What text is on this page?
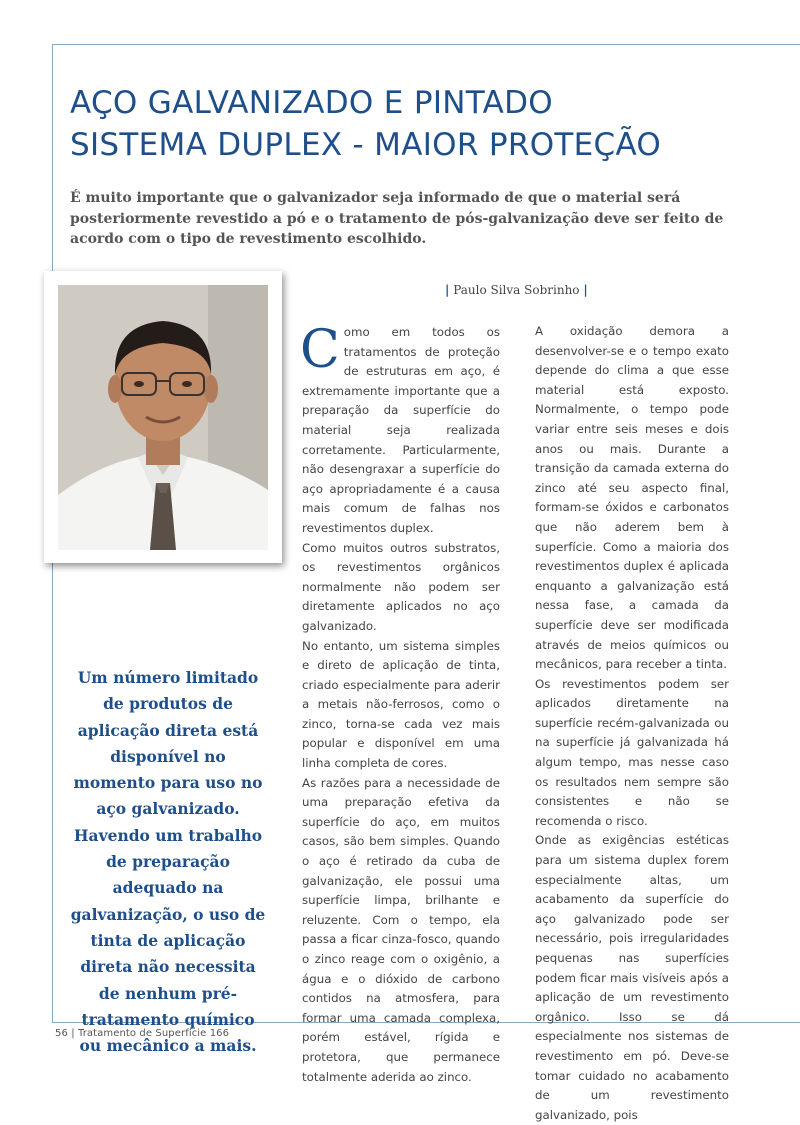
AÇO GALVANIZADO E PINTADO
SISTEMA DUPLEX - MAIOR PROTEÇÃO

É muito importante que o galvanizador seja informado de que o material será posteriormente revestido a pó e o tratamento de pós-galvanização deve ser feito de acordo com o tipo de revestimento escolhido.

| Paulo Silva Sobrinho |

Um número limitado de produtos de aplicação direta está disponível no momento para uso no aço galvanizado. Havendo um trabalho de preparação adequado na galvanização, o uso de tinta de aplicação direta não necessita de nenhum pré-tratamento químico ou mecânico a mais.

Como em todos os tratamentos de proteção de estruturas em aço, é extremamente importante que a preparação da superfície do material seja realizada corretamente. Particularmente, não desengraxar a superfície do aço apropriadamente é a causa mais comum de falhas nos revestimentos duplex.

Como muitos outros substratos, os revestimentos orgânicos normalmente não podem ser diretamente aplicados no aço galvanizado.

No entanto, um sistema simples e direto de aplicação de tinta, criado especialmente para aderir a metais não-ferrosos, como o zinco, torna-se cada vez mais popular e disponível em uma linha completa de cores.

As razões para a necessidade de uma preparação efetiva da superfície do aço, em muitos casos, são bem simples. Quando o aço é retirado da cuba de galvanização, ele possui uma superfície limpa, brilhante e reluzente. Com o tempo, ela passa a ficar cinza-fosco, quando o zinco reage com o oxigênio, a água e o dióxido de carbono contidos na atmosfera, para formar uma camada complexa, porém estável, rígida e protetora, que permanece totalmente aderida ao zinco.

A oxidação demora a desenvolver-se e o tempo exato depende do clima a que esse material está exposto. Normalmente, o tempo pode variar entre seis meses e dois anos ou mais. Durante a transição da camada externa do zinco até seu aspecto final, formam-se óxidos e carbonatos que não aderem bem à superfície. Como a maioria dos revestimentos duplex é aplicada enquanto a galvanização está nessa fase, a camada da superfície deve ser modificada através de meios químicos ou mecânicos, para receber a tinta.

Os revestimentos podem ser aplicados diretamente na superfície recém-galvanizada ou na superfície já galvanizada há algum tempo, mas nesse caso os resultados nem sempre são consistentes e não se recomenda o risco.

Onde as exigências estéticas para um sistema duplex forem especialmente altas, um acabamento da superfície do aço galvanizado pode ser necessário, pois irregularidades pequenas nas superfícies podem ficar mais visíveis após a aplicação de um revestimento orgânico. Isso se dá especialmente nos sistemas de revestimento em pó. Deve-se tomar cuidado no acabamento de um revestimento galvanizado, pois

56 | Tratamento de Superfície 166
